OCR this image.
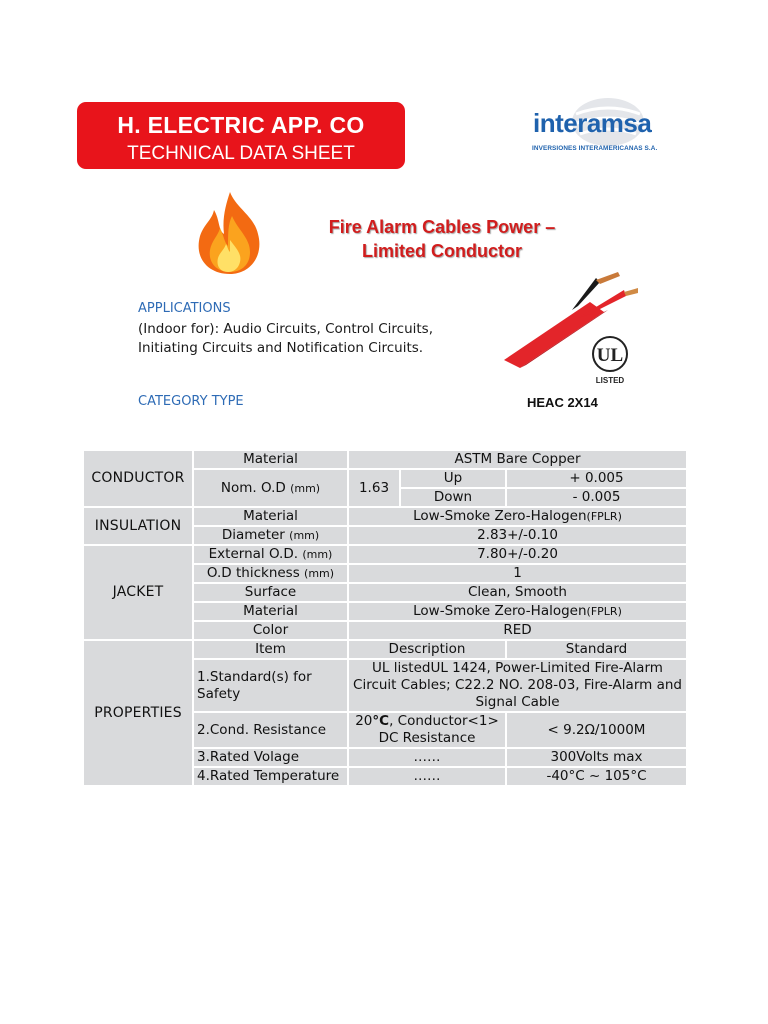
H. ELECTRIC APP. CO
TECHNICAL DATA SHEET
interamsa
INVERSIONES INTERAMERICANAS S.A.
Fire Alarm Cables Power –
Limited Conductor
UL
LISTED
APPLICATIONS
(Indoor for): Audio Circuits, Control Circuits,
Initiating Circuits and Notification Circuits.
CATEGORY TYPE	HEAC 2X14
CONDUCTOR	Material	ASTM Bare Copper		
	Nom. O.D (mm)	1.63	Up	+ 0.005
			Down	- 0.005
INSULATION	Material	Low-Smoke Zero-Halogen(FPLR)		
	Diameter (mm)	2.83+/-0.10		
JACKET	External O.D. (mm)	7.80+/-0.20		
	O.D thickness (mm)	1		
	Surface	Clean, Smooth		
	Material	Low-Smoke Zero-Halogen(FPLR)		
	Color	RED		
PROPERTIES	Item	Description		Standard
	1.Standard(s) for Safety	UL listedUL 1424, Power-Limited Fire-Alarm Circuit Cables; C22.2 NO. 208-03, Fire-Alarm and Signal Cable		
	2.Cond. Resistance	20°C, Conductor<1> DC Resistance		< 9.2Ω/1000M
	3.Rated Volage	……		300Volts max
	4.Rated Temperature	……		-40°C ~ 105°C
